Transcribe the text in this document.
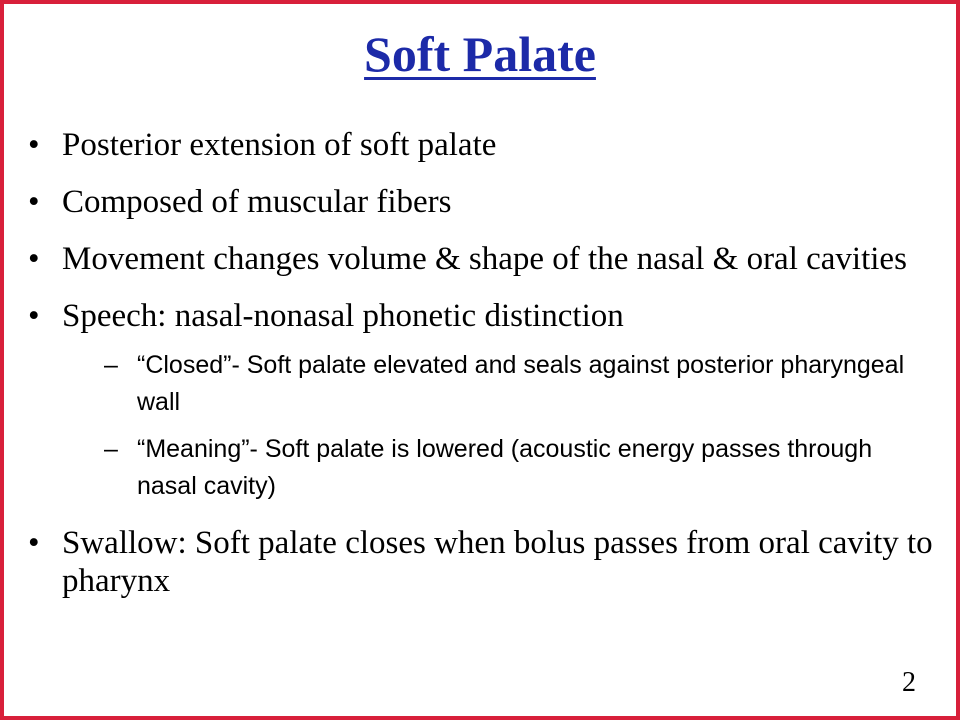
Soft Palate
• Posterior extension of soft palate
• Composed of muscular fibers
• Movement changes volume & shape of the nasal & oral cavities
• Speech: nasal-nonasal phonetic distinction
– “Closed”- Soft palate elevated and seals against posterior pharyngeal wall
– “Meaning”- Soft palate is lowered (acoustic energy passes through nasal cavity)
• Swallow: Soft palate closes when bolus passes from oral cavity to pharynx
2
